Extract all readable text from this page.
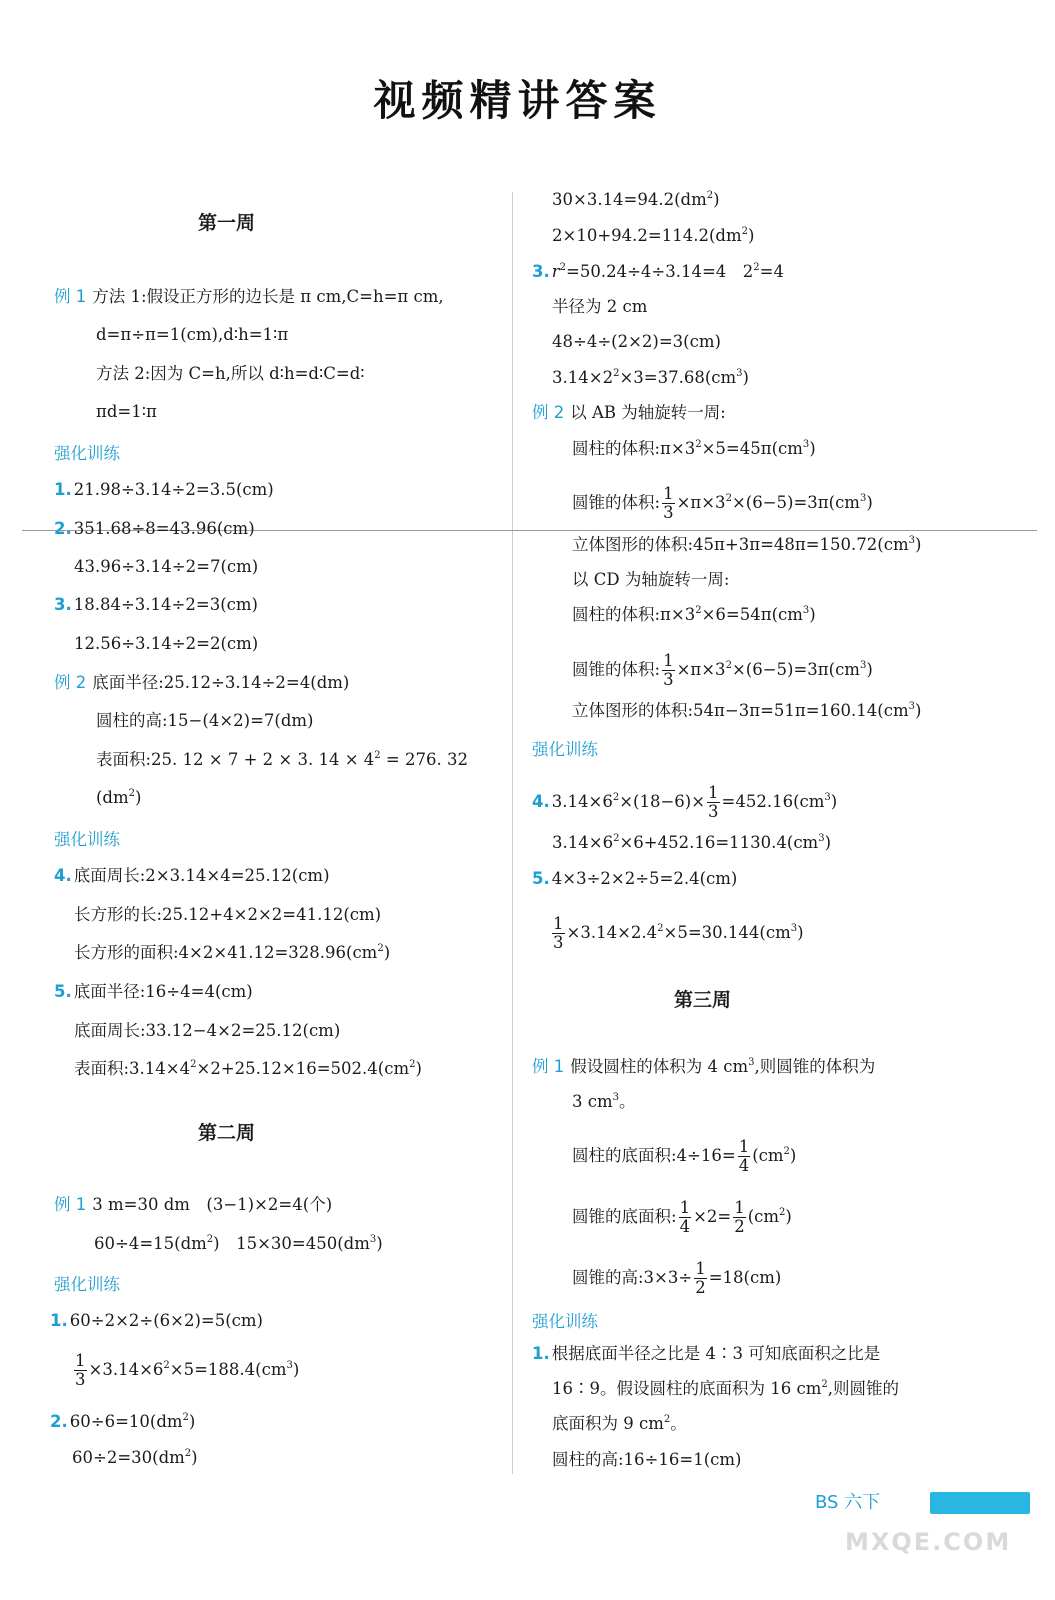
视频精讲答案
第一周
例 1 方法 1:假设正方形的边长是 π cm,C=h=π cm,
d=π÷π=1(cm),d∶h=1∶π
方法 2:因为 C=h,所以 d∶h=d∶C=d∶
πd=1∶π
强化训练
1. 21.98÷3.14÷2=3.5(cm)
2. 351.68÷8=43.96(cm)
43.96÷3.14÷2=7(cm)
3. 18.84÷3.14÷2=3(cm)
12.56÷3.14÷2=2(cm)
例 2 底面半径:25.12÷3.14÷2=4(dm)
圆柱的高:15−(4×2)=7(dm)
表面积:25. 12 × 7 + 2 × 3. $14 \times 4^2 = 276$. 32
$(dm^2)$
强化训练
4. 底面周长:2×3.14×4=25.12(cm)
长方形的长:25.12+4×2×2=41.12(cm)
长方形的面积$:4\times 2\times 41.12=328.96(cm^2)$
5. 底面半径:16÷4=4(cm)
底面周长:33.12−4×2=25.12(cm)
表面积$:3.14\times 4^2\times 2+25.12\times 16=502.4(cm^2)$
第二周
例 1 3 m=30 dm　(3−1)×2=4(个)
$60\div 4=15(dm^2)$　$15\times 30=450(dm^3)$
强化训练
1. 60÷2×2÷(6×2)=5(cm)
$\frac{1}{3} \times 3.14\times 6^2\times 5=188.4(cm^3)$
2. $60\div 6=10(dm^2)$
$60\div 2=30(dm^2)$
$30\times 3.14=94.2(dm^2)$
$2\times 10+94.2=114.2(dm^2)$
3. $r^2=50.24\div 4\div 3.14=4$　$2^2=4$
半径为 2 cm
48÷4÷(2×2)=3(cm)
$3.14\times 2^2\times 3=37.68(cm^3)$
例 2 以 AB 为轴旋转一周:
圆柱的体积$:\pi\times 3^2\times 5=45\pi(cm^3)$
圆锥的体积: $\frac{1}{3} \times\pi\times 3^2\times(6-5)=3\pi(cm^3)$
立体图形的体积$:45\pi+3\pi=48\pi=150.72(cm^3)$
以 CD 为轴旋转一周:
圆柱的体积$:\pi\times 3^2\times 6=54\pi(cm^3)$
圆锥的体积: $\frac{1}{3} \times\pi\times 3^2\times(6-5)=3\pi(cm^3)$
立体图形的体积$:54\pi-3\pi=51\pi=160.14(cm^3)$
强化训练
4. $3.14\times 6^2\times(18-6)\times \frac{1}{3} =452.16(cm^3)$
$3.14\times 6^2\times 6+452.16=1130.4(cm^3)$
5. 4×3÷2×2÷5=2.4(cm)
$\frac{1}{3} \times 3.14\times 2.4^2\times 5=30.144(cm^3)$
第三周
例 1 假设圆柱的体积为 4 $cm^3$,则圆锥的体积为
3 $cm^3$。
圆柱的底面积:4÷16= $\frac{1}{4} (cm^2)$
圆锥的底面积: $\frac{1}{4} \times 2= \frac{1}{2} (cm^2)$
圆锥的高:3×3÷ $\frac{1}{2} =18(cm)$
强化训练
1. 根据底面半径之比是 4∶3 可知底面积之比是
16∶9。假设圆柱的底面积为 16 $cm^2$,则圆锥的
底面积为 9 $cm^2$。
圆柱的高:16÷16=1(cm)
BS 六下
MXQE.COM
